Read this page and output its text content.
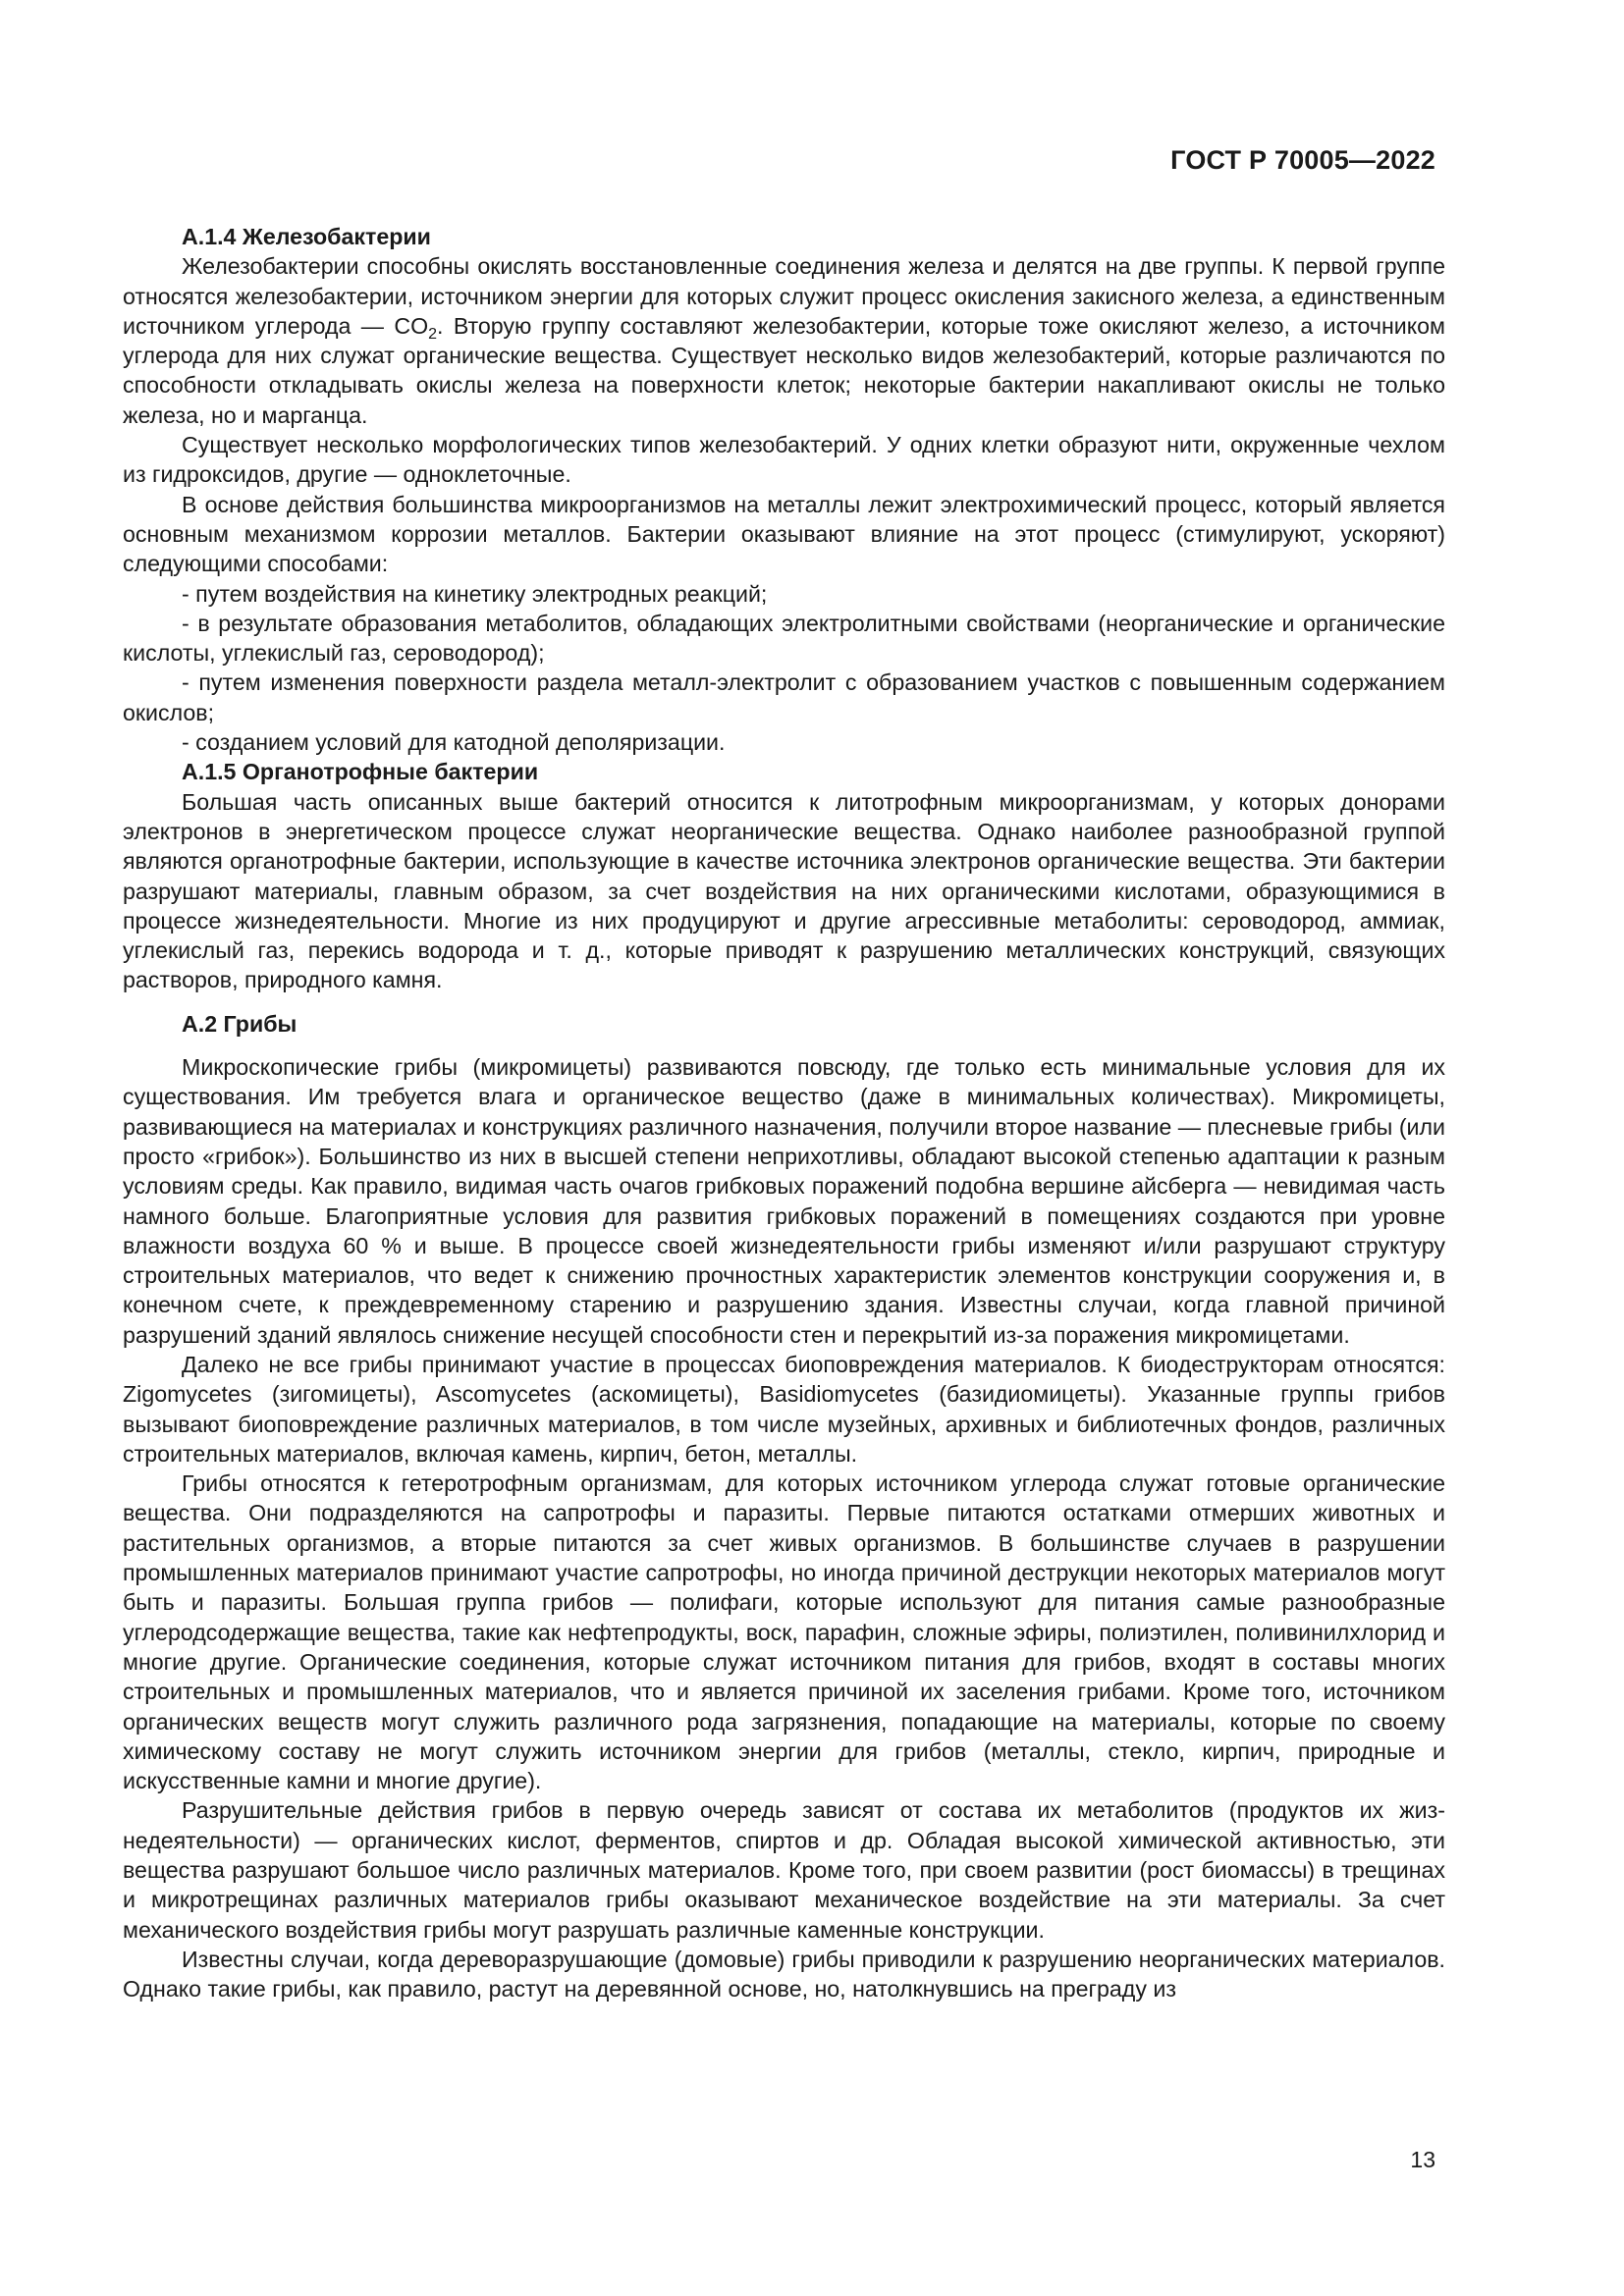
ГОСТ Р 70005—2022
А.1.4 Железобактерии

Железобактерии способны окислять восстановленные соединения железа и делятся на две группы. К первой группе относятся железобактерии, источником энергии для которых служит процесс окисления закисного железа, а единственным источником углерода — $CO_2$. Вторую группу составляют железобактерии, которые тоже окисляют железо, а источником углерода для них служат органические вещества. Существует несколько видов железобактерий, которые различаются по способности откладывать окислы железа на поверхности клеток; некоторые бактерии накапливают окислы не только железа, но и марганца.

Существует несколько морфологических типов железобактерий. У одних клетки образуют нити, окруженные чехлом из гидроксидов, другие — одноклеточные.

В основе действия большинства микроорганизмов на металлы лежит электрохимический процесс, который является основным механизмом коррозии металлов. Бактерии оказывают влияние на этот процесс (стимулируют, ускоряют) следующими способами:

- путем воздействия на кинетику электродных реакций;

- в результате образования метаболитов, обладающих электролитными свойствами (неорганические и органические кислоты, углекислый газ, сероводород);

- путем изменения поверхности раздела металл-электролит с образованием участков с повышенным содержанием окислов;

- созданием условий для катодной деполяризации.

А.1.5 Органотрофные бактерии

Большая часть описанных выше бактерий относится к литотрофным микроорганизмам, у которых донорами электронов в энергетическом процессе служат неорганические вещества. Однако наиболее разнообразной группой являются органотрофные бактерии, использующие в качестве источника электронов органические вещества. Эти бактерии разрушают материалы, главным образом, за счет воздействия на них органическими кислотами, образующимися в процессе жизнедеятельности. Многие из них продуцируют и другие агрессивные метаболиты: сероводород, аммиак, углекислый газ, перекись водорода и т. д., которые приводят к разрушению металлических конструкций, связующих растворов, природного камня.

А.2 Грибы

Микроскопические грибы (микромицеты) развиваются повсюду, где только есть минимальные условия для их существования. Им требуется влага и органическое вещество (даже в минимальных количествах). Микромицеты, развивающиеся на материалах и конструкциях различного назначения, получили второе название — плесневые грибы (или просто «грибок»). Большинство из них в высшей степени неприхотливы, обладают высокой степенью адаптации к разным условиям среды. Как правило, видимая часть очагов грибковых поражений подобна вершине айсберга — невидимая часть намного больше. Благоприятные условия для развития грибковых поражений в помещениях создаются при уровне влажности воздуха 60 % и выше. В процессе своей жизнедеятельности грибы изменяют и/или разрушают структуру строительных материалов, что ведет к снижению прочностных характеристик элементов конструкции сооружения и, в конечном счете, к преждевременному старению и разрушению здания. Известны случаи, когда главной причиной разрушений зданий являлось снижение несущей способности стен и перекрытий из-за поражения микромицетами.

Далеко не все грибы принимают участие в процессах биоповреждения материалов. К биодеструкторам относятся: Zigomycetes (зигомицеты), Ascomycetes (аскомицеты), Basidiomycetes (базидиомицеты). Указанные группы грибов вызывают биоповреждение различных материалов, в том числе музейных, архивных и библиотечных фондов, различных строительных материалов, включая камень, кирпич, бетон, металлы.

Грибы относятся к гетеротрофным организмам, для которых источником углерода служат готовые органические вещества. Они подразделяются на сапротрофы и паразиты. Первые питаются остатками отмерших животных и растительных организмов, а вторые питаются за счет живых организмов. В большинстве случаев в разрушении промышленных материалов принимают участие сапротрофы, но иногда причиной деструкции некоторых материалов могут быть и паразиты. Большая группа грибов — полифаги, которые используют для питания самые разнообразные углеродсодержащие вещества, такие как нефтепродукты, воск, парафин, сложные эфиры, полиэтилен, поливинилхлорид и многие другие. Органические соединения, которые служат источником питания для грибов, входят в составы многих строительных и промышленных материалов, что и является причиной их заселения грибами. Кроме того, источником органических веществ могут служить различного рода загрязнения, попадающие на материалы, которые по своему химическому составу не могут служить источником энергии для грибов (металлы, стекло, кирпич, природные и искусственные камни и многие другие).

Разрушительные действия грибов в первую очередь зависят от состава их метаболитов (продуктов их жизнедеятельности) — органических кислот, ферментов, спиртов и др. Обладая высокой химической активностью, эти вещества разрушают большое число различных материалов. Кроме того, при своем развитии (рост биомассы) в трещинах и микротрещинах различных материалов грибы оказывают механическое воздействие на эти материалы. За счет механического воздействия грибы могут разрушать различные каменные конструкции.

Известны случаи, когда дереворазрушающие (домовые) грибы приводили к разрушению неорганических материалов. Однако такие грибы, как правило, растут на деревянной основе, но, натолкнувшись на преграду из

13
